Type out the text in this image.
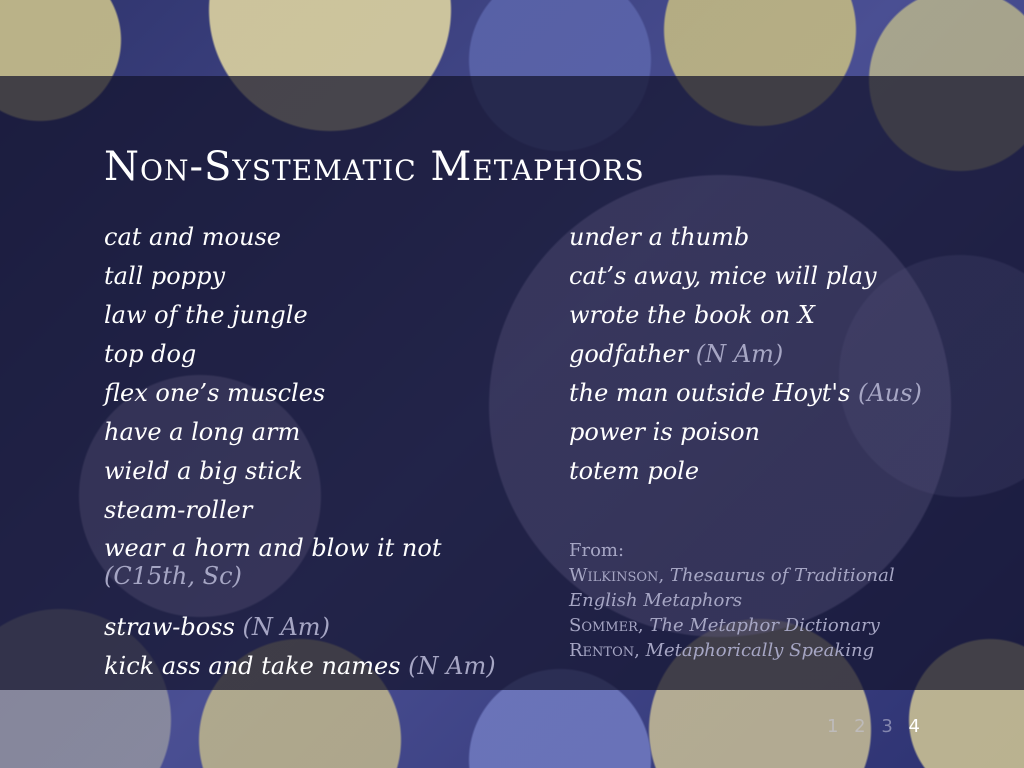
Non-Systematic Metaphors
cat and mouse
tall poppy
law of the jungle
top dog
flex one’s muscles
have a long arm
wield a big stick
steam-roller
wear a horn and blow it not
(C15th, Sc)
straw-boss (N Am)
kick ass and take names (N Am)
under a thumb
cat’s away, mice will play
wrote the book on X
godfather (N Am)
the man outside Hoyt's (Aus)
power is poison
totem pole
From:
Wilkinson, Thesaurus of Traditional
English Metaphors
Sommer, The Metaphor Dictionary
Renton, Metaphorically Speaking
1 2 3 4
